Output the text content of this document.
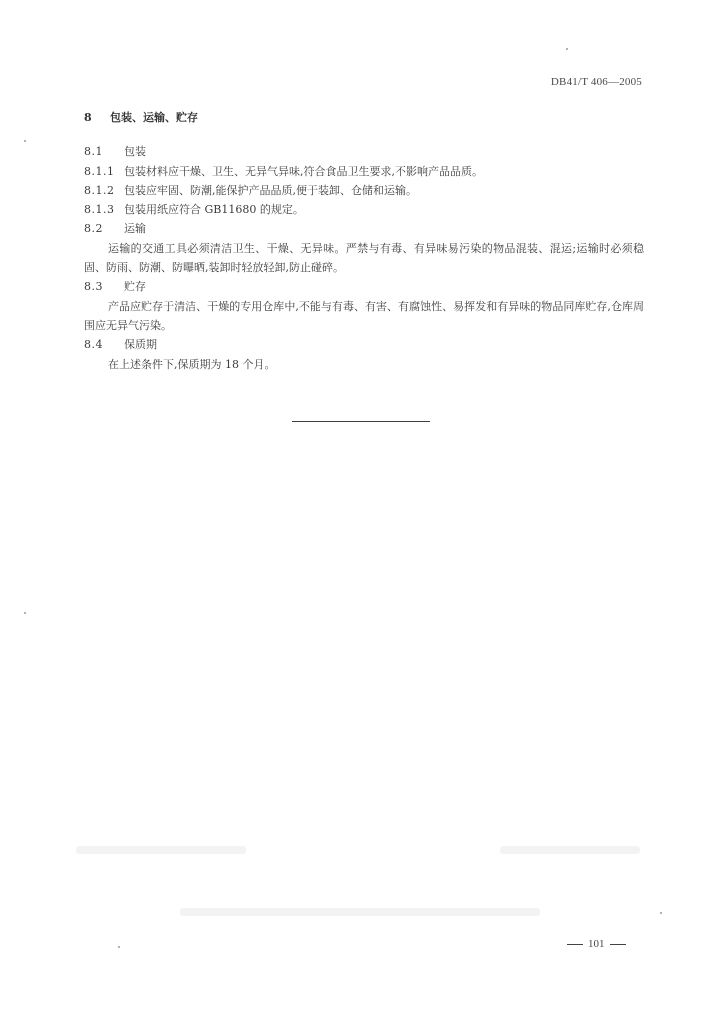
DB41/T 406—2005
8 包装、运输、贮存
8.1 包装
8.1.1 包装材料应干燥、卫生、无异气异味,符合食品卫生要求,不影响产品品质。
8.1.2 包装应牢固、防潮,能保护产品品质,便于装卸、仓储和运输。
8.1.3 包装用纸应符合 GB11680 的规定。
8.2 运输
运输的交通工具必须清洁卫生、干燥、无异味。严禁与有毒、有异味易污染的物品混装、混运;运输时必须稳固、防雨、防潮、防曝晒,装卸时轻放轻卸,防止碰碎。
8.3 贮存
产品应贮存于清洁、干燥的专用仓库中,不能与有毒、有害、有腐蚀性、易挥发和有异味的物品同库贮存,仓库周围应无异气污染。
8.4 保质期
在上述条件下,保质期为 18 个月。
101
